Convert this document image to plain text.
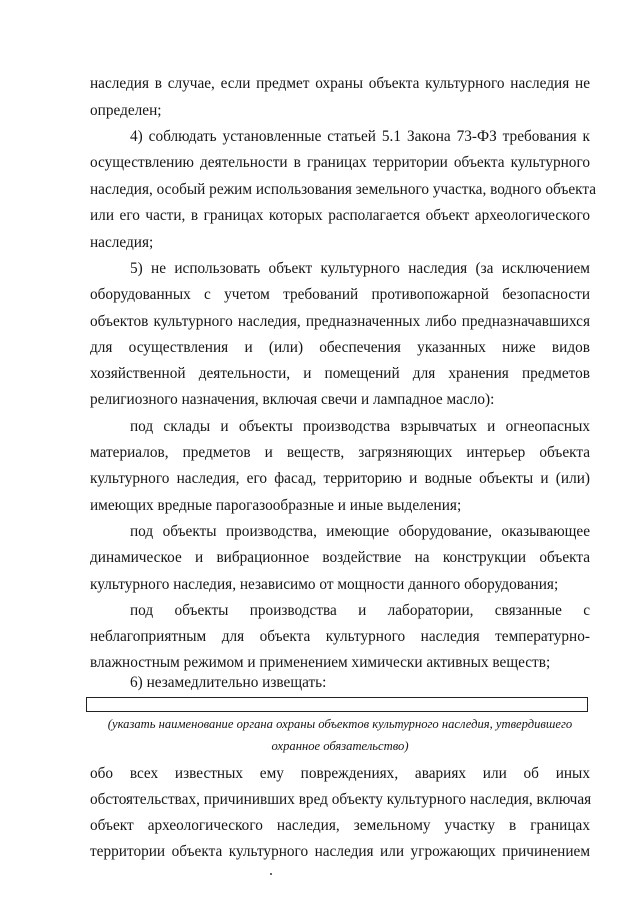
наследия в случае, если предмет охраны объекта культурного наследия не
определен;
4) соблюдать установленные статьей 5.1 Закона 73-ФЗ требования к
осуществлению деятельности в границах территории объекта культурного
наследия, особый режим использования земельного участка, водного объекта
или его части, в границах которых располагается объект археологического
наследия;
5) не использовать объект культурного наследия (за исключением
оборудованных с учетом требований противопожарной безопасности
объектов культурного наследия, предназначенных либо предназначавшихся
для осуществления и (или) обеспечения указанных ниже видов
хозяйственной деятельности, и помещений для хранения предметов
религиозного назначения, включая свечи и лампадное масло):
под склады и объекты производства взрывчатых и огнеопасных
материалов, предметов и веществ, загрязняющих интерьер объекта
культурного наследия, его фасад, территорию и водные объекты и (или)
имеющих вредные парогазообразные и иные выделения;
под объекты производства, имеющие оборудование, оказывающее
динамическое и вибрационное воздействие на конструкции объекта
культурного наследия, независимо от мощности данного оборудования;
под объекты производства и лаборатории, связанные с
неблагоприятным для объекта культурного наследия температурно-
влажностным режимом и применением химически активных веществ;
6) незамедлительно извещать:
(указать наименование органа охраны объектов культурного наследия, утвердившего
охранное обязательство)
обо всех известных ему повреждениях, авариях или об иных
обстоятельствах, причинивших вред объекту культурного наследия, включая
объект археологического наследия, земельному участку в границах
территории объекта культурного наследия или угрожающих причинением
